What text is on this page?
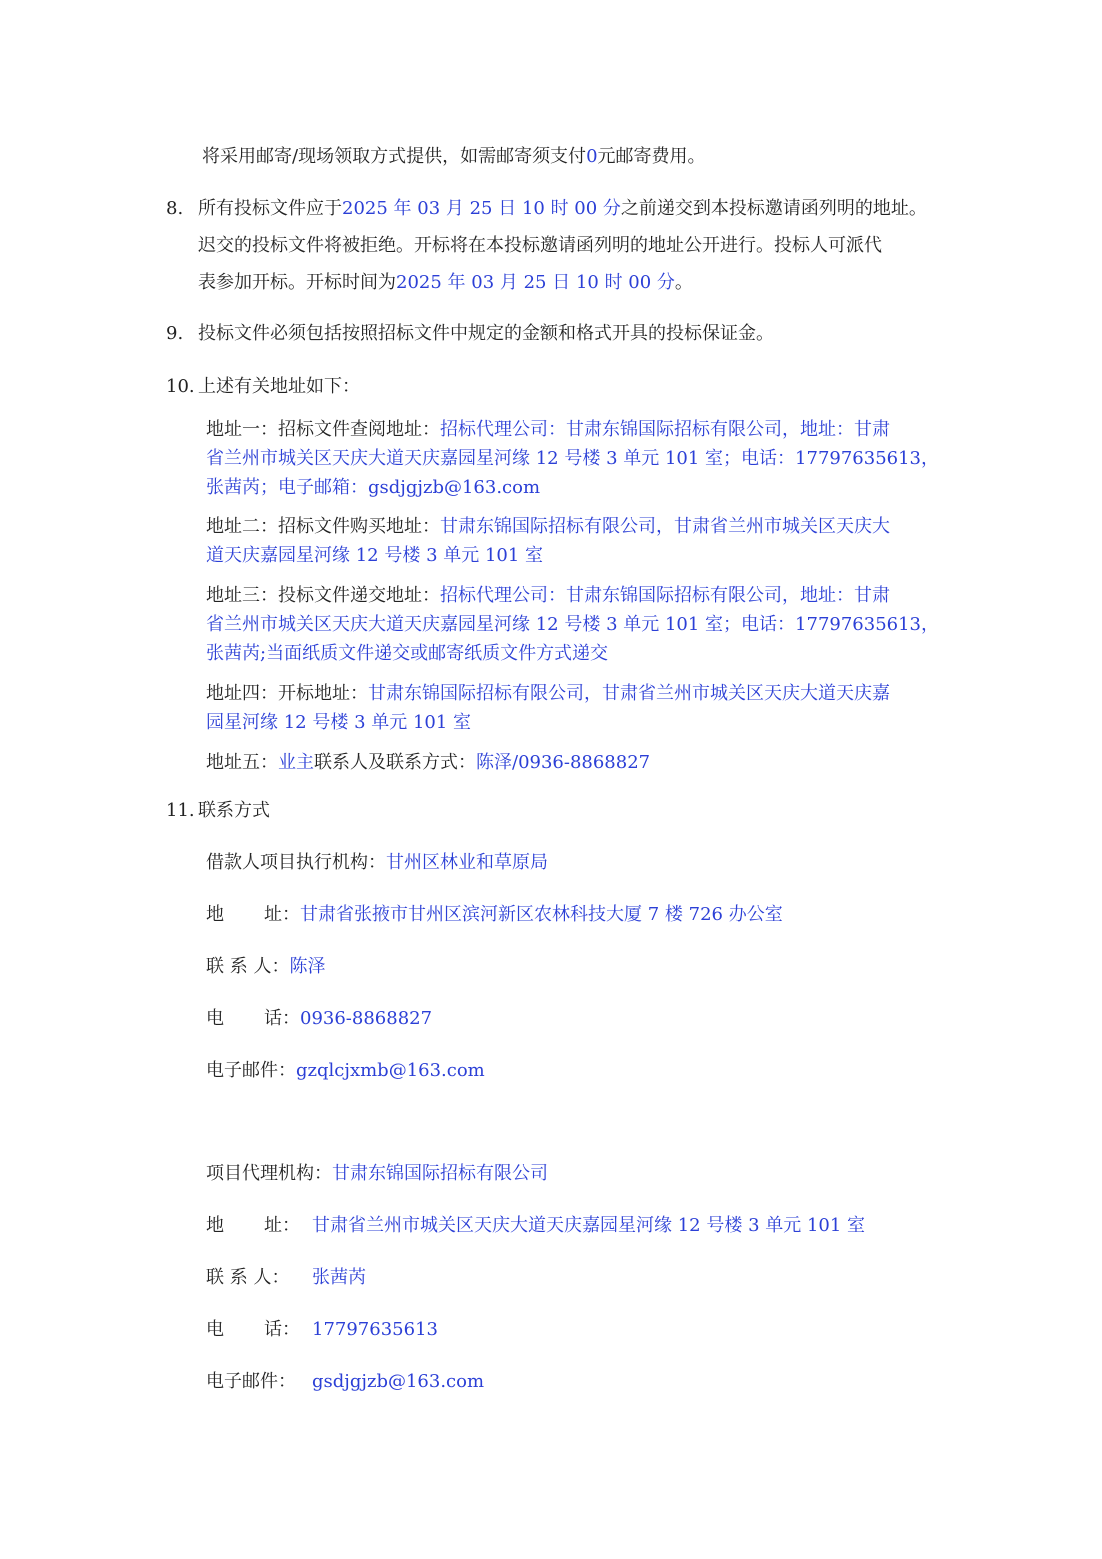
将采用邮寄/现场领取方式提供，如需邮寄须支付0元邮寄费用。
8. 所有投标文件应于2025 年 03 月 25 日 10 时 00 分之前递交到本投标邀请函列明的地址。
迟交的投标文件将被拒绝。开标将在本投标邀请函列明的地址公开进行。投标人可派代
表参加开标。开标时间为2025 年 03 月 25 日 10 时 00 分。
9. 投标文件必须包括按照招标文件中规定的金额和格式开具的投标保证金。
10. 上述有关地址如下：
地址一：招标文件查阅地址：招标代理公司：甘肃东锦国际招标有限公司，地址：甘肃
省兰州市城关区天庆大道天庆嘉园星河缘 12 号楼 3 单元 101 室；电话：17797635613，
张茜芮；电子邮箱：gsdjgjzb@163.com
地址二：招标文件购买地址：甘肃东锦国际招标有限公司，甘肃省兰州市城关区天庆大
道天庆嘉园星河缘 12 号楼 3 单元 101 室
地址三：投标文件递交地址：招标代理公司：甘肃东锦国际招标有限公司，地址：甘肃
省兰州市城关区天庆大道天庆嘉园星河缘 12 号楼 3 单元 101 室；电话：17797635613，
张茜芮;当面纸质文件递交或邮寄纸质文件方式递交
地址四：开标地址：甘肃东锦国际招标有限公司，甘肃省兰州市城关区天庆大道天庆嘉
园星河缘 12 号楼 3 单元 101 室
地址五：业主联系人及联系方式：陈泽/0936-8868827
11. 联系方式
借款人项目执行机构：甘州区林业和草原局
地 址：甘肃省张掖市甘州区滨河新区农林科技大厦 7 楼 726 办公室
联 系 人：陈泽
电 话：0936-8868827
电子邮件：gzqlcjxmb@163.com
项目代理机构：甘肃东锦国际招标有限公司
地 址： 甘肃省兰州市城关区天庆大道天庆嘉园星河缘 12 号楼 3 单元 101 室
联 系 人： 张茜芮
电 话： 17797635613
电子邮件： gsdjgjzb@163.com
